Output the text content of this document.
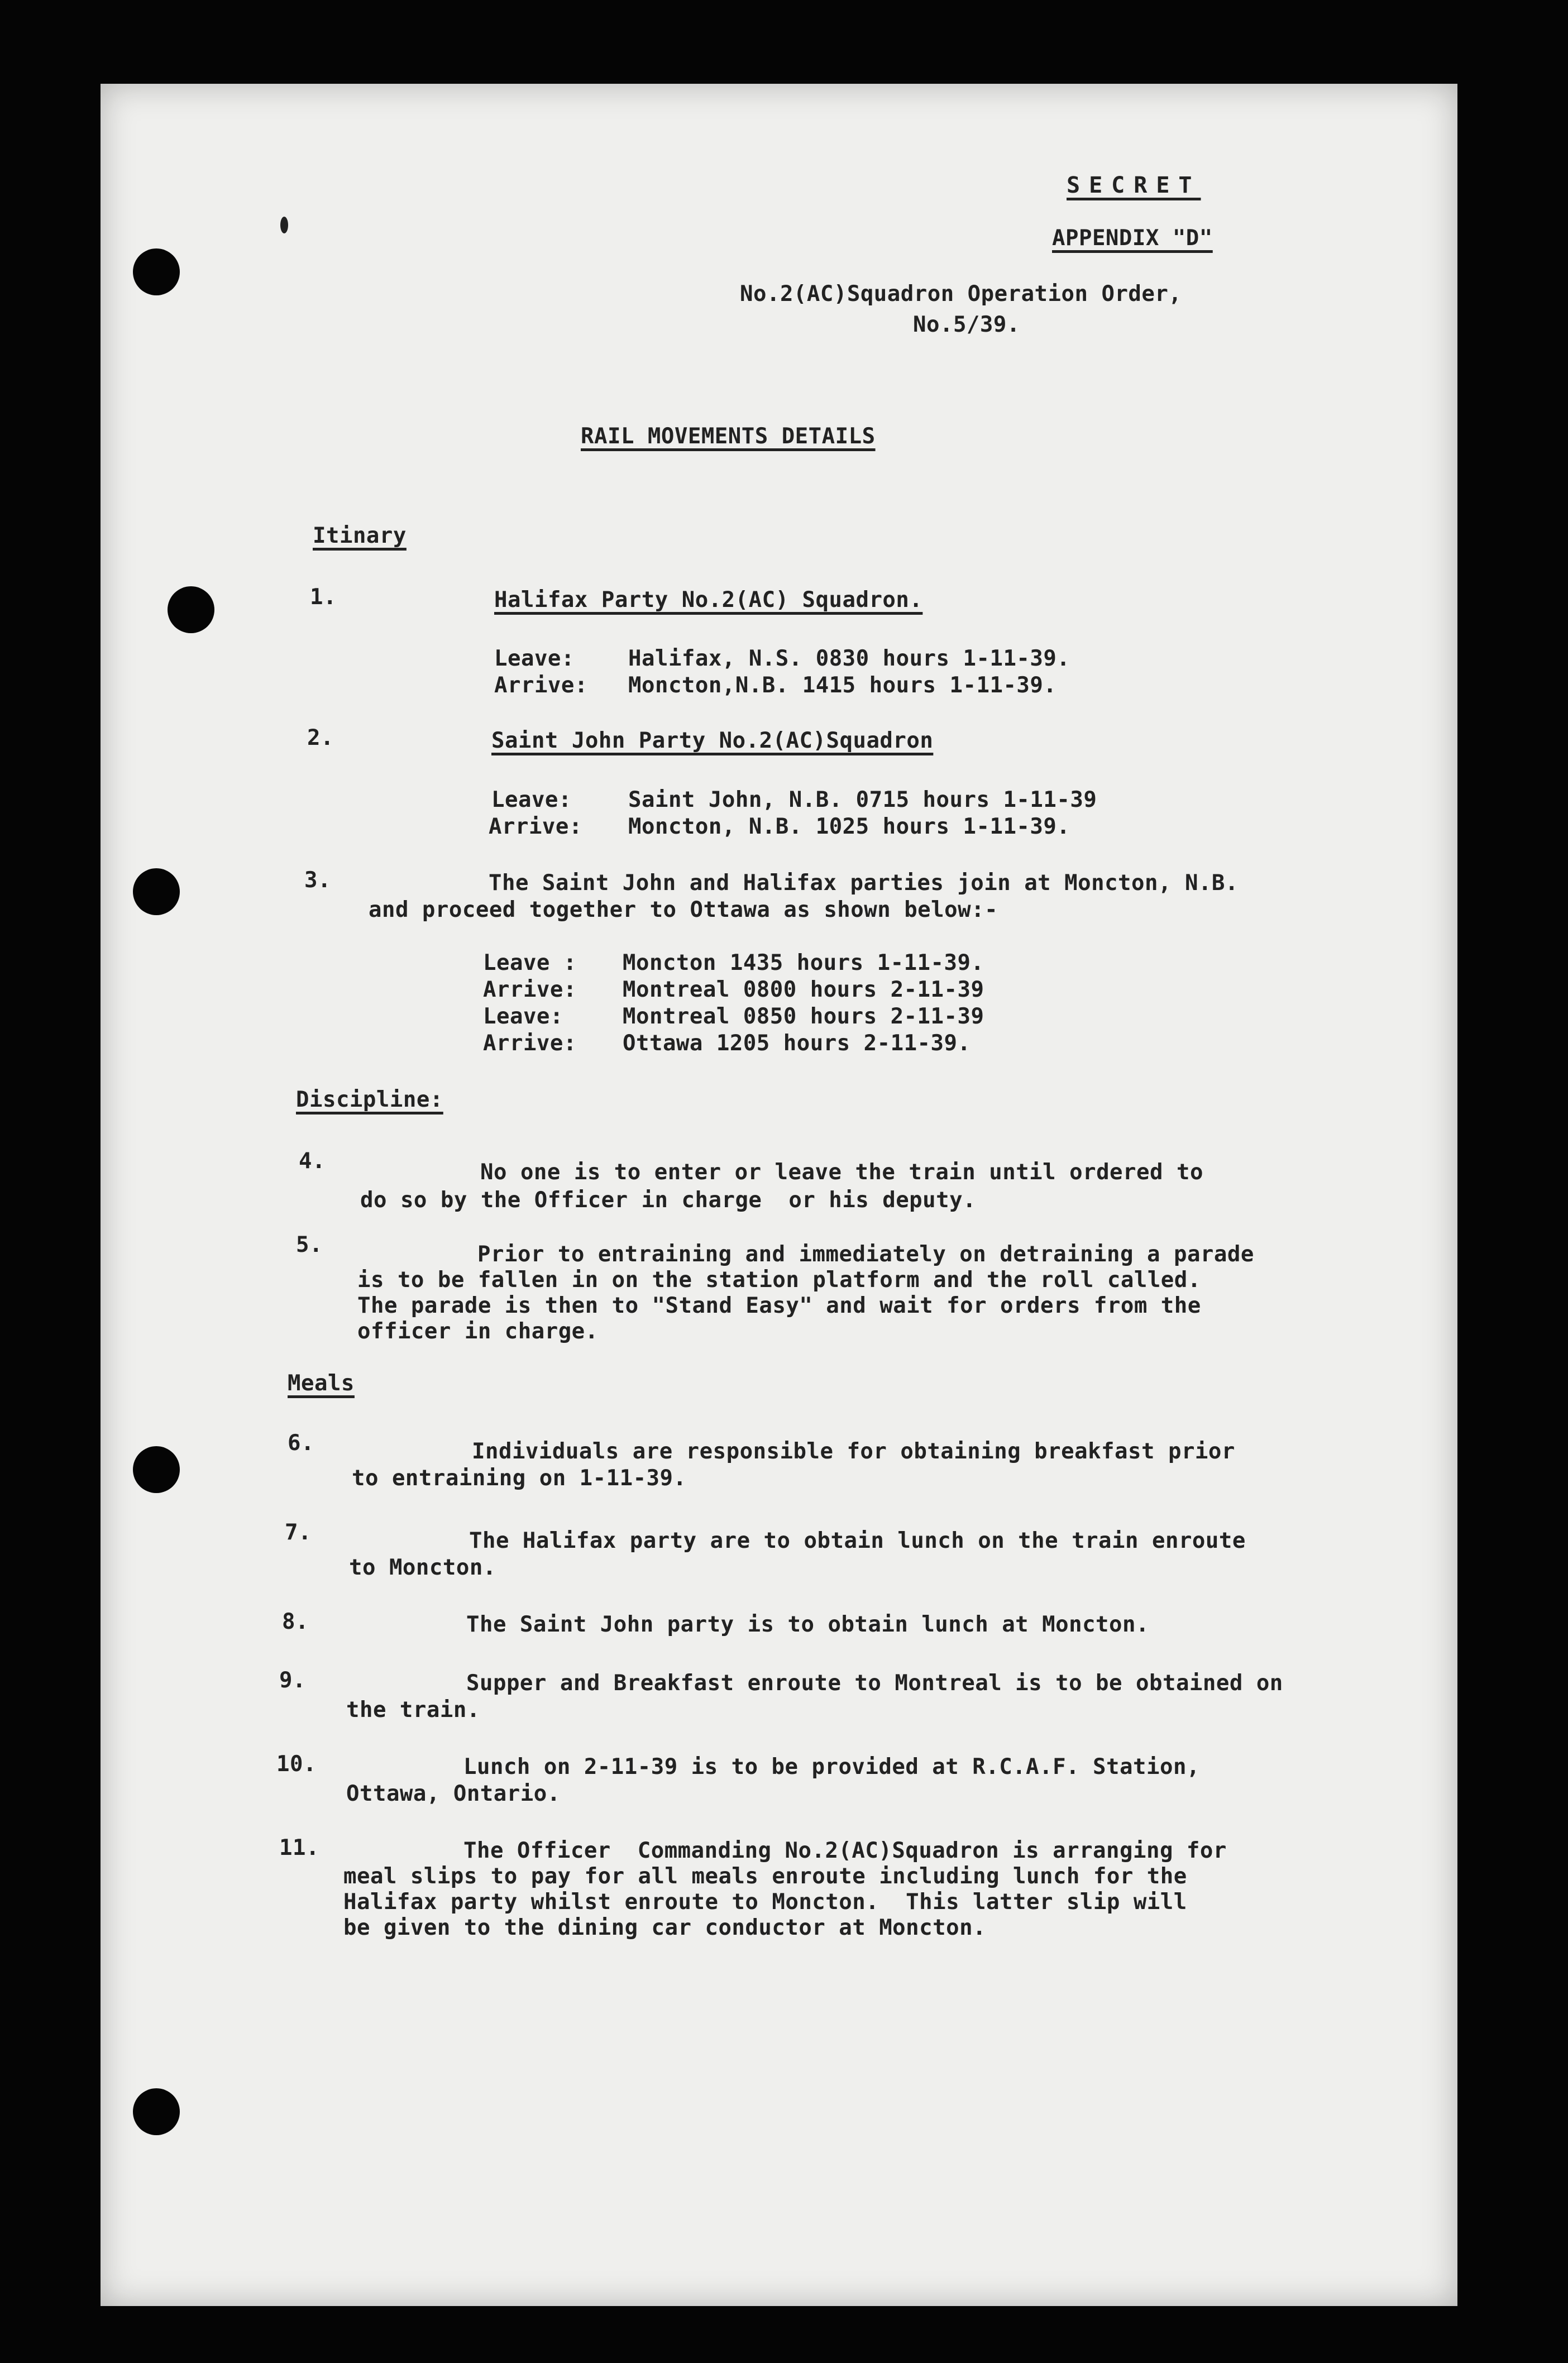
SECRET
APPENDIX "D"
No.2(AC)Squadron Operation Order,
No.5/39.
RAIL MOVEMENTS DETAILS
Itinary
1.	Halifax Party No.2(AC) Squadron.
Leave: Halifax, N.S. 0830 hours 1-11-39.
Arrive: Moncton,N.B. 1415 hours 1-11-39.
2.	Saint John Party No.2(AC)Squadron
Leave:	Saint John, N.B. 0715 hours 1-11-39
Arrive: Moncton, N.B. 1025 hours 1-11-39.
3.	The Saint John and Halifax parties join at Moncton, N.B.
and proceed together to Ottawa as shown below:-
Leave : Moncton 1435 hours 1-11-39.
Arrive: Montreal 0800 hours 2-11-39
Leave:	Montreal 0850 hours 2-11-39
Arrive: Ottawa 1205 hours 2-11-39.
Discipline:
4.	No one is to enter or leave the train until ordered to
do so by the Officer in charge  or his deputy.
5.	Prior to entraining and immediately on detraining a parade
is to be fallen in on the station platform and the roll called.
The parade is then to "Stand Easy" and wait for orders from the
officer in charge.
Meals
6.	Individuals are responsible for obtaining breakfast prior
to entraining on 1-11-39.
7.	The Halifax party are to obtain lunch on the train enroute
to Moncton.
8.	The Saint John party is to obtain lunch at Moncton.
9.	Supper and Breakfast enroute to Montreal is to be obtained on
the train.
10.	Lunch on 2-11-39 is to be provided at R.C.A.F. Station,
Ottawa, Ontario.
11.	The Officer  Commanding No.2(AC)Squadron is arranging for
meal slips to pay for all meals enroute including lunch for the
Halifax party whilst enroute to Moncton.  This latter slip will
be given to the dining car conductor at Moncton.
